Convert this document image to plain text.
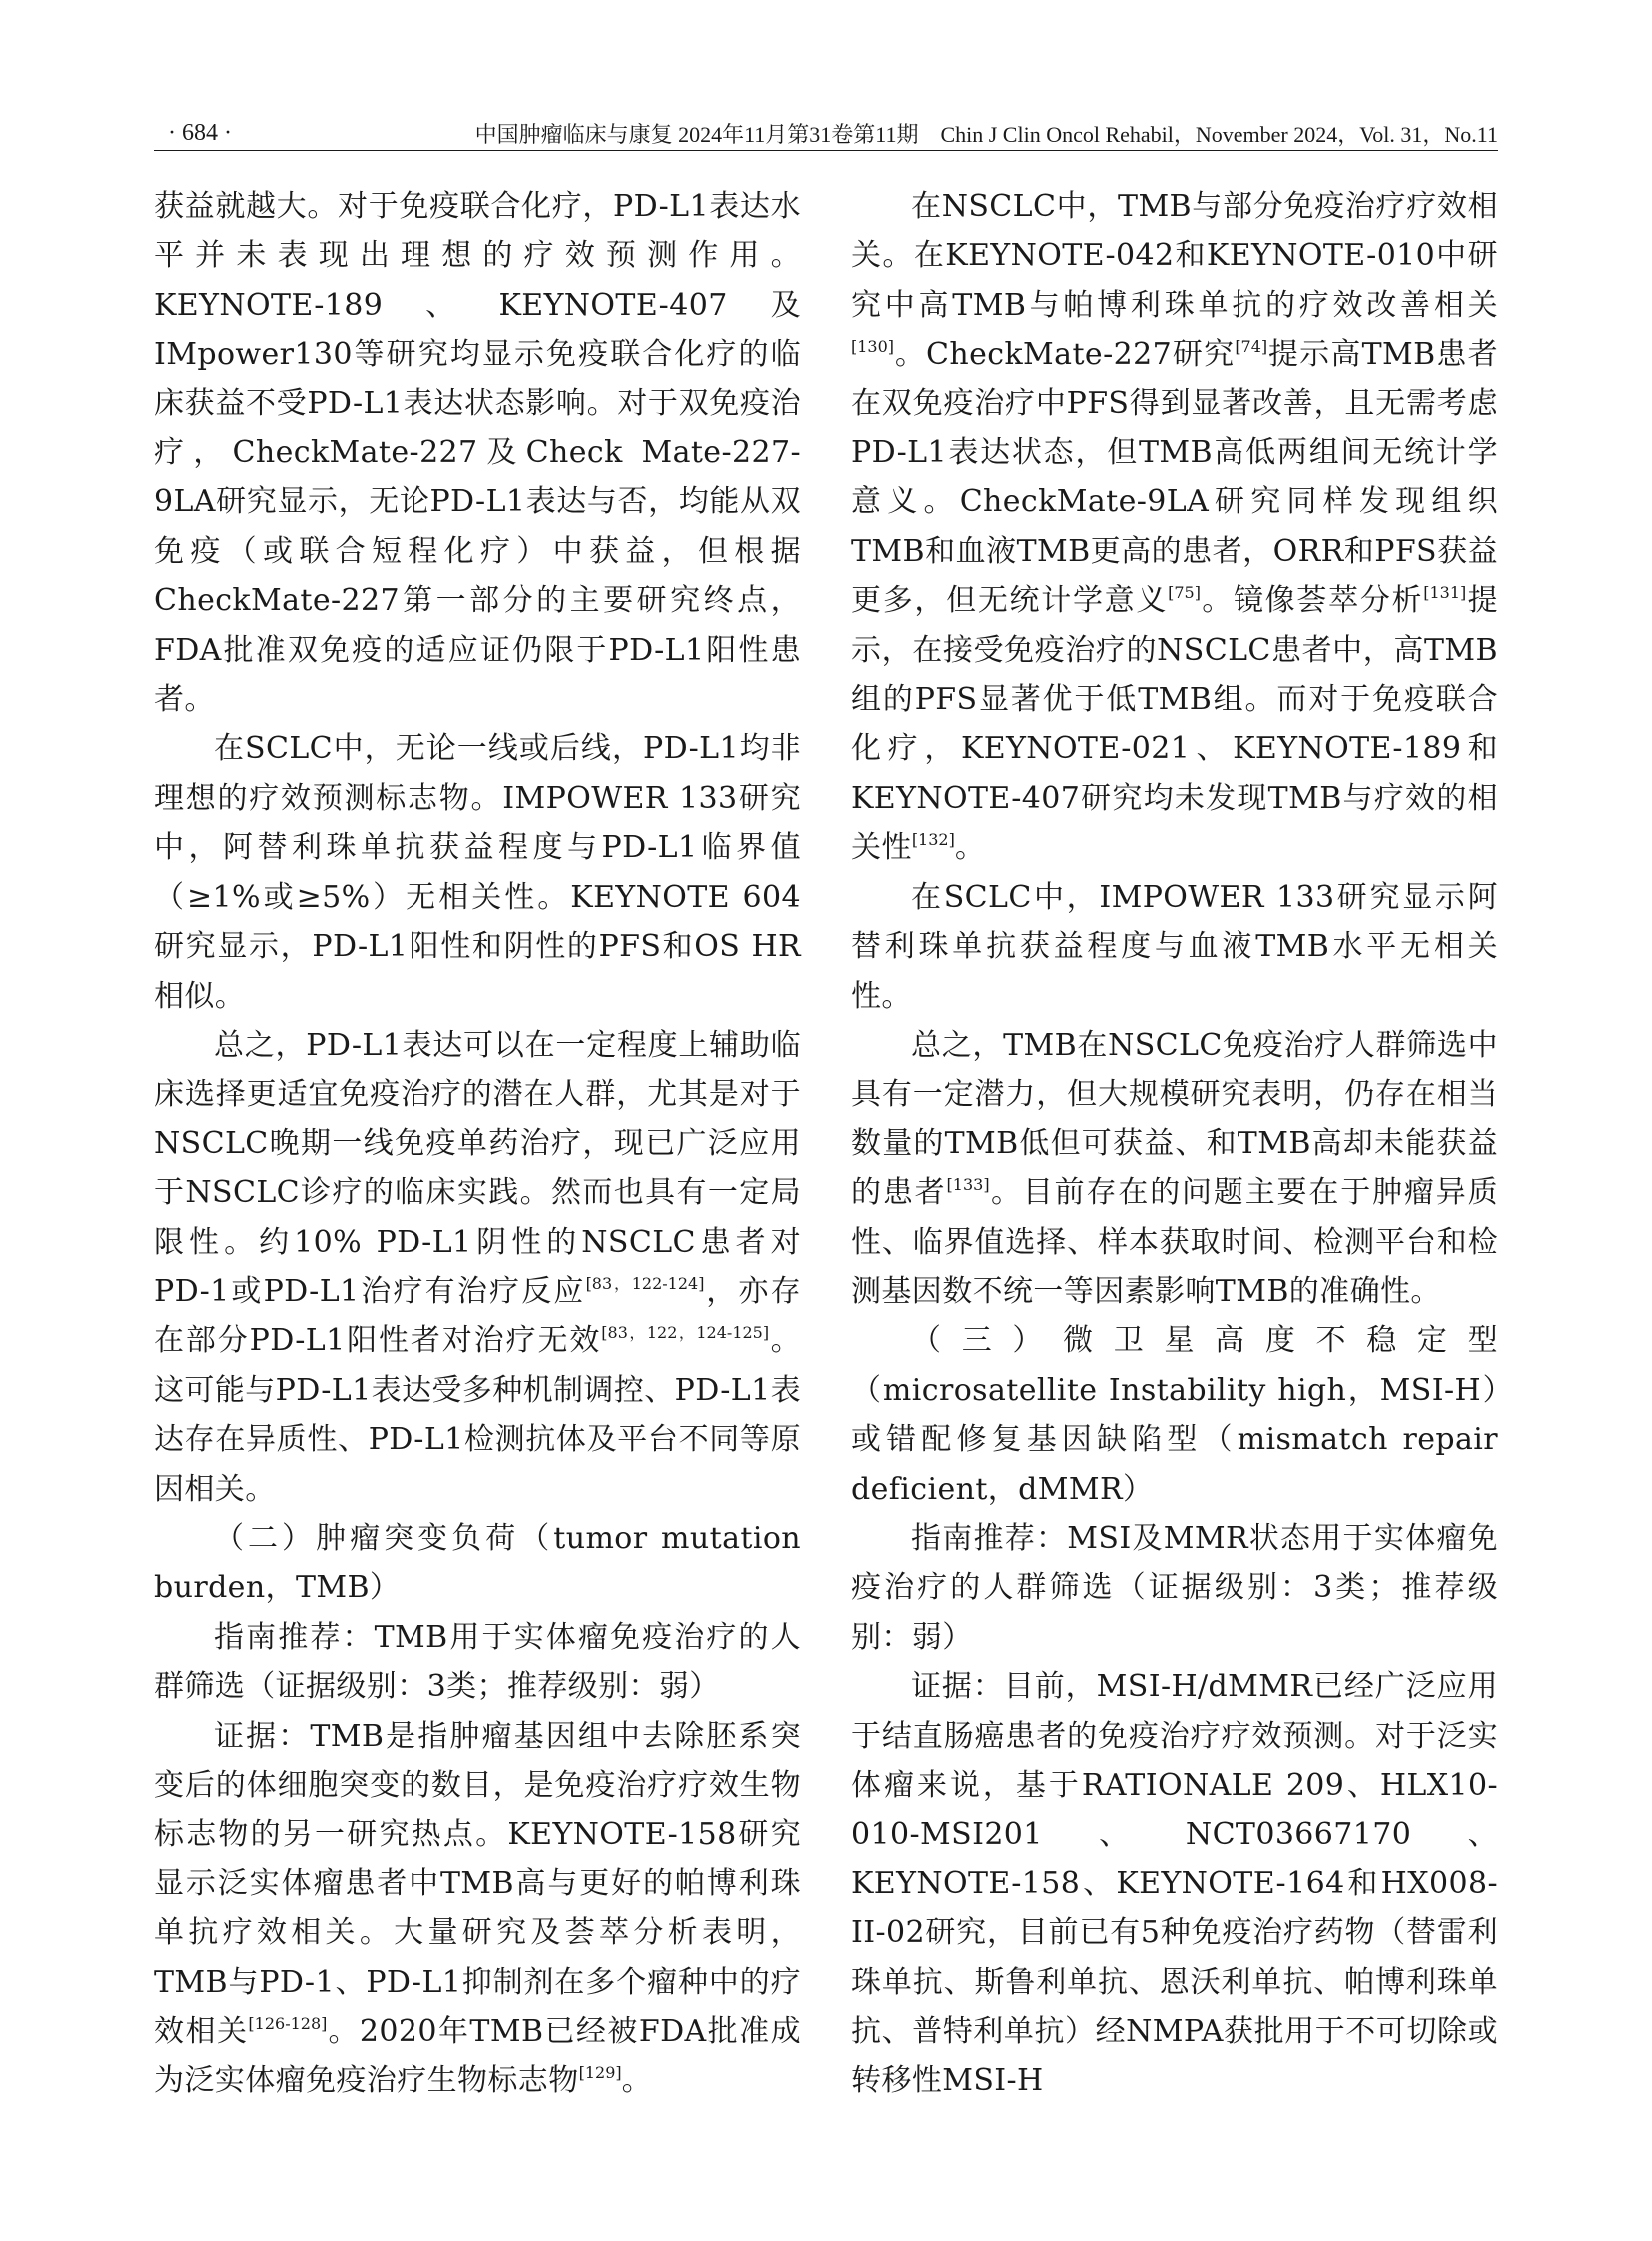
· 684 ·	中国肿瘤临床与康复 2024年11月第31卷第11期　Chin J Clin Oncol Rehabil，November 2024，Vol. 31，No.11

获益就越大。对于免疫联合化疗，PD-L1表达水平并未表现出理想的疗效预测作用。KEYNOTE-189、KEYNOTE-407及IMpower130等研究均显示免疫联合化疗的临床获益不受PD-L1表达状态影响。对于双免疫治疗，CheckMate-227及Check Mate-227-9LA研究显示，无论PD-L1表达与否，均能从双免疫（或联合短程化疗）中获益，但根据CheckMate-227第一部分的主要研究终点，FDA批准双免疫的适应证仍限于PD-L1阳性患者。

在SCLC中，无论一线或后线，PD-L1均非理想的疗效预测标志物。IMPOWER 133研究中，阿替利珠单抗获益程度与PD-L1临界值（≥1%或≥5%）无相关性。KEYNOTE 604研究显示，PD-L1阳性和阴性的PFS和OS HR相似。

总之，PD-L1表达可以在一定程度上辅助临床选择更适宜免疫治疗的潜在人群，尤其是对于NSCLC晚期一线免疫单药治疗，现已广泛应用于NSCLC诊疗的临床实践。然而也具有一定局限性。约10% PD-L1阴性的NSCLC患者对PD-1或PD-L1治疗有治疗反应[83，122-124]，亦存在部分PD-L1阳性者对治疗无效[83，122，124-125]。这可能与PD-L1表达受多种机制调控、PD-L1表达存在异质性、PD-L1检测抗体及平台不同等原因相关。

（二）肿瘤突变负荷（tumor mutation burden，TMB）

指南推荐：TMB用于实体瘤免疫治疗的人群筛选（证据级别：3类；推荐级别：弱）

证据：TMB是指肿瘤基因组中去除胚系突变后的体细胞突变的数目，是免疫治疗疗效生物标志物的另一研究热点。KEYNOTE-158研究显示泛实体瘤患者中TMB高与更好的帕博利珠单抗疗效相关。大量研究及荟萃分析表明，TMB与PD-1、PD-L1抑制剂在多个瘤种中的疗效相关[126-128]。2020年TMB已经被FDA批准成为泛实体瘤免疫治疗生物标志物[129]。

在NSCLC中，TMB与部分免疫治疗疗效相关。在KEYNOTE-042和KEYNOTE-010中研究中高TMB与帕博利珠单抗的疗效改善相关[130]。CheckMate-227研究[74]提示高TMB患者在双免疫治疗中PFS得到显著改善，且无需考虑PD-L1表达状态，但TMB高低两组间无统计学意义。CheckMate-9LA研究同样发现组织TMB和血液TMB更高的患者，ORR和PFS获益更多，但无统计学意义[75]。镜像荟萃分析[131]提示，在接受免疫治疗的NSCLC患者中，高TMB组的PFS显著优于低TMB组。而对于免疫联合化疗，KEYNOTE-021、KEYNOTE-189和KEYNOTE-407研究均未发现TMB与疗效的相关性[132]。

在SCLC中，IMPOWER 133研究显示阿替利珠单抗获益程度与血液TMB水平无相关性。

总之，TMB在NSCLC免疫治疗人群筛选中具有一定潜力，但大规模研究表明，仍存在相当数量的TMB低但可获益、和TMB高却未能获益的患者[133]。目前存在的问题主要在于肿瘤异质性、临界值选择、样本获取时间、检测平台和检测基因数不统一等因素影响TMB的准确性。

（三）微卫星高度不稳定型（microsatellite Instability high，MSI-H）或错配修复基因缺陷型（mismatch repair deficient，dMMR）

指南推荐：MSI及MMR状态用于实体瘤免疫治疗的人群筛选（证据级别：3类；推荐级别：弱）

证据：目前，MSI-H/dMMR已经广泛应用于结直肠癌患者的免疫治疗疗效预测。对于泛实体瘤来说，基于RATIONALE 209、HLX10-010-MSI201、NCT03667170、KEYNOTE-158、KEYNOTE-164和HX008-II-02研究，目前已有5种免疫治疗药物（替雷利珠单抗、斯鲁利单抗、恩沃利单抗、帕博利珠单抗、普特利单抗）经NMPA获批用于不可切除或转移性MSI-H
